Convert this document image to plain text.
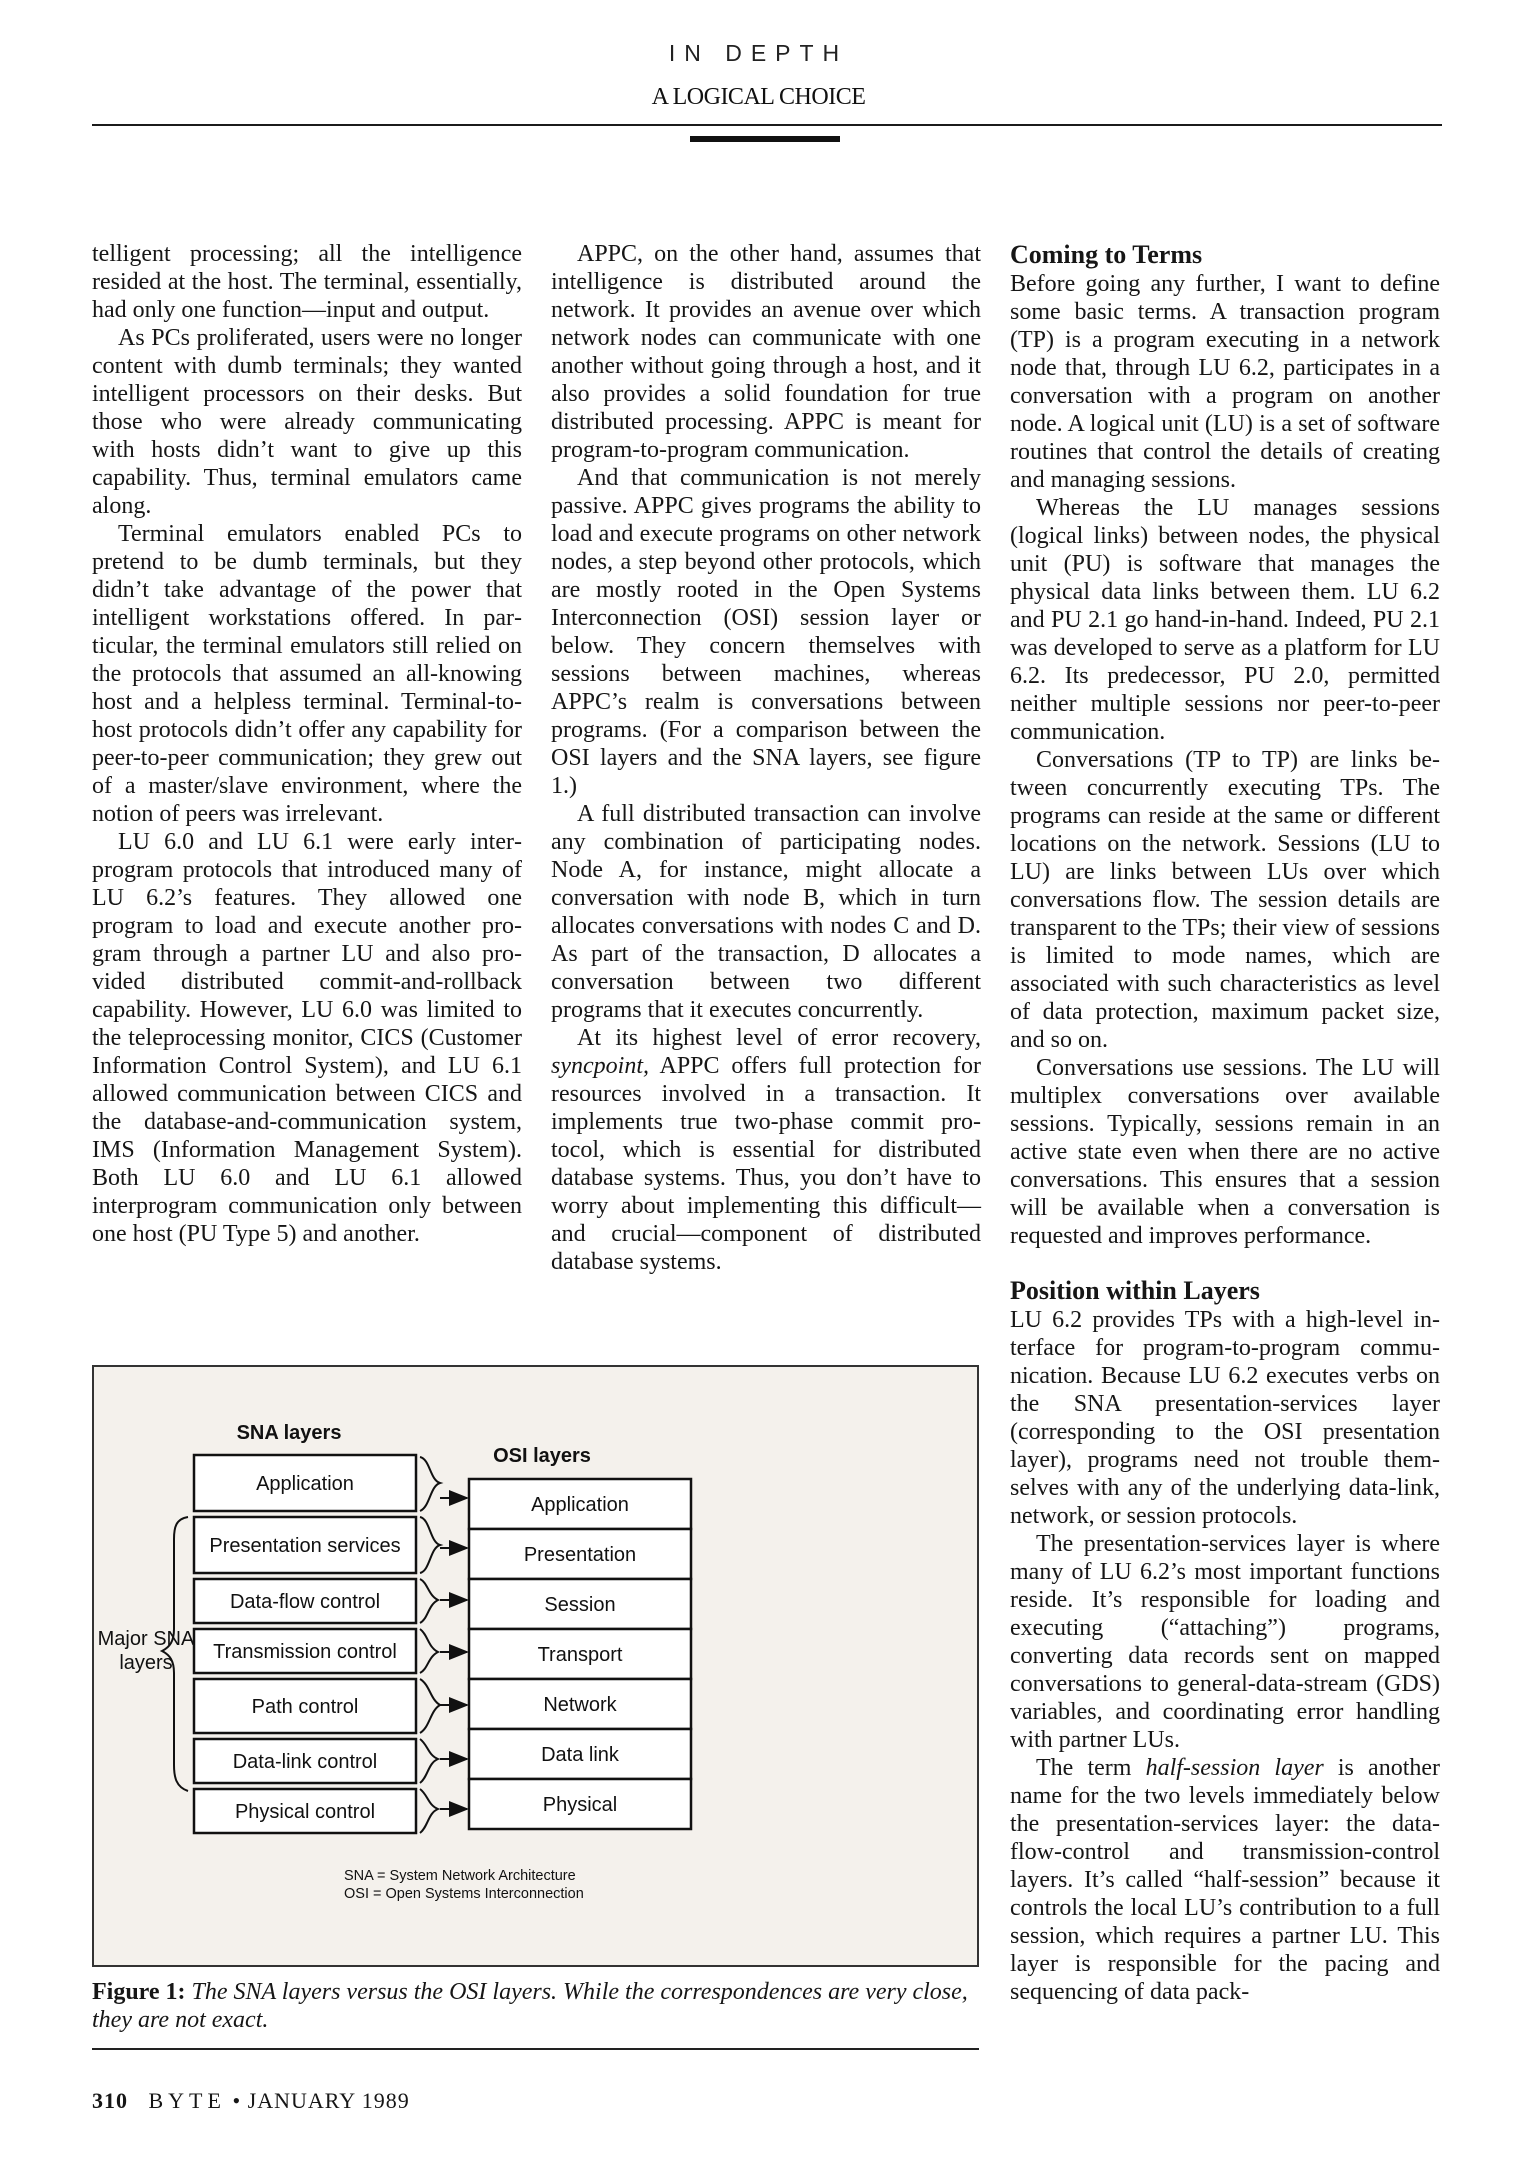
IN DEPTH
A LOGICAL CHOICE

telligent processing; all the intelligence resided at the host. The terminal, essentially, had only one function—input and output.

As PCs proliferated, users were no longer content with dumb terminals; they wanted intelligent processors on their desks. But those who were already communicating with hosts didn’t want to give up this capability. Thus, terminal emulators came along.

Terminal emulators enabled PCs to pretend to be dumb terminals, but they didn’t take advantage of the power that intelligent workstations offered. In particular, the terminal emulators still relied on the protocols that assumed an all-knowing host and a helpless terminal. Terminal-to-host protocols didn’t offer any capability for peer-to-peer communication; they grew out of a master/slave environment, where the notion of peers was irrelevant.

LU 6.0 and LU 6.1 were early interprogram protocols that introduced many of LU 6.2’s features. They allowed one program to load and execute another program through a partner LU and also provided distributed commit-and-rollback capability. However, LU 6.0 was limited to the teleprocessing monitor, CICS (Customer Information Control System), and LU 6.1 allowed communication between CICS and the database-and-communication system, IMS (Information Management System). Both LU 6.0 and LU 6.1 allowed interprogram communication only between one host (PU Type 5) and another.

APPC, on the other hand, assumes that intelligence is distributed around the network. It provides an avenue over which network nodes can communicate with one another without going through a host, and it also provides a solid foundation for true distributed processing. APPC is meant for program-to-program communication.

And that communication is not merely passive. APPC gives programs the ability to load and execute programs on other network nodes, a step beyond other protocols, which are mostly rooted in the Open Systems Interconnection (OSI) session layer or below. They concern themselves with sessions between machines, whereas APPC’s realm is conversations between programs. (For a comparison between the OSI layers and the SNA layers, see figure 1.)

A full distributed transaction can involve any combination of participating nodes. Node A, for instance, might allocate a conversation with node B, which in turn allocates conversations with nodes C and D. As part of the transaction, D allocates a conversation between two different programs that it executes concurrently.

At its highest level of error recovery, syncpoint, APPC offers full protection for resources involved in a transaction. It implements true two-phase commit protocol, which is essential for distributed database systems. Thus, you don’t have to worry about implementing this difficult—and crucial—component of distributed database systems.

Coming to Terms

Before going any further, I want to define some basic terms. A transaction program (TP) is a program executing in a network node that, through LU 6.2, participates in a conversation with a program on another node. A logical unit (LU) is a set of software routines that control the details of creating and managing sessions.

Whereas the LU manages sessions (logical links) between nodes, the physical unit (PU) is software that manages the physical data links between them. LU 6.2 and PU 2.1 go hand-in-hand. Indeed, PU 2.1 was developed to serve as a platform for LU 6.2. Its predecessor, PU 2.0, permitted neither multiple sessions nor peer-to-peer communication.

Conversations (TP to TP) are links between concurrently executing TPs. The programs can reside at the same or different locations on the network. Sessions (LU to LU) are links between LUs over which conversations flow. The session details are transparent to the TPs; their view of sessions is limited to mode names, which are associated with such characteristics as level of data protection, maximum packet size, and so on.

Conversations use sessions. The LU will multiplex conversations over available sessions. Typically, sessions remain in an active state even when there are no active conversations. This ensures that a session will be available when a conversation is requested and improves performance.

Position within Layers

LU 6.2 provides TPs with a high-level interface for program-to-program communication. Because LU 6.2 executes verbs on the SNA presentation-services layer (corresponding to the OSI presentation layer), programs need not trouble themselves with any of the underlying data-link, network, or session protocols.

The presentation-services layer is where many of LU 6.2’s most important functions reside. It’s responsible for loading and executing (“attaching”) programs, converting data records sent on mapped conversations to general-data-stream (GDS) variables, and coordinating error handling with partner LUs.

The term half-session layer is another name for the two levels immediately below the presentation-services layer: the data-flow-control and transmission-control layers. It’s called “half-session” because it controls the local LU’s contribution to a full session, which requires a partner LU. This layer is responsible for the pacing and sequencing of data pack-

SNA layers
OSI layers
Application
Presentation services
Data-flow control
Transmission control
Path control
Data-link control
Physical control
Application
Presentation
Session
Transport
Network
Data link
Physical
Major SNA
layers
SNA = System Network Architecture
OSI = Open Systems Interconnection
Figure 1: The SNA layers versus the OSI layers. While the correspondences are very close, they are not exact.
310 BYTE • JANUARY 1989
